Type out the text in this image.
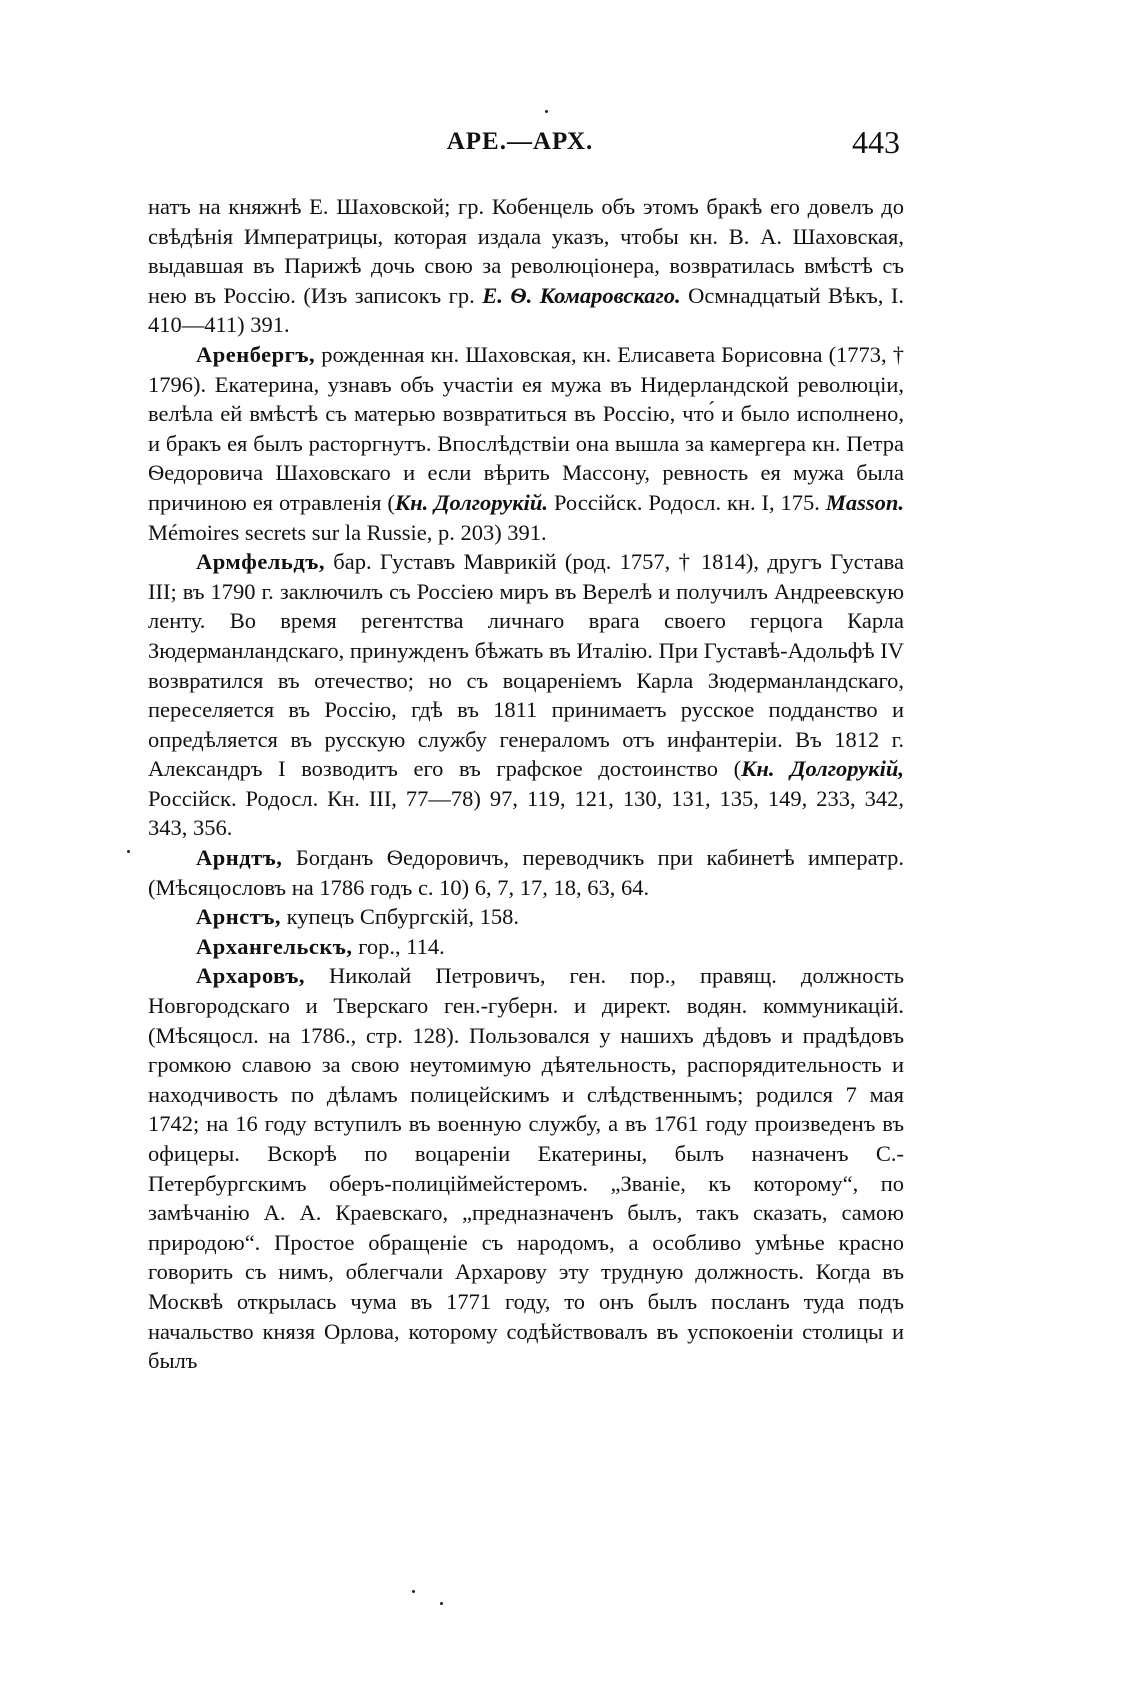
АРЕ.—АРХ.	443

натъ на княжнѣ Е. Шаховской; гр. Кобенцель объ этомъ бракѣ его довелъ до свѣдѣнія Императрицы, которая издала указъ, чтобы кн. В. А. Шаховская, выдавшая въ Парижѣ дочь свою за революціонера, возвратилась вмѣстѣ съ нею въ Россію. (Изъ записокъ гр. Е. Ѳ. Комаровскаго. Осмнадцатый Вѣкъ, I. 410—411) 391.

Аренбергъ, рожденная кн. Шаховская, кн. Елисавета Борисовна (1773, † 1796). Екатерина, узнавъ объ участіи ея мужа въ Нидерландской революціи, велѣла ей вмѣстѣ съ матерью возвратиться въ Россію, что́ и было исполнено, и бракъ ея былъ расторгнутъ. Впослѣдствіи она вышла за камергера кн. Петра Ѳедоровича Шаховскаго и если вѣрить Массону, ревность ея мужа была причиною ея отравленія (Кн. Долгорукій. Россійск. Родосл. кн. I, 175. Masson. Mémoires secrets sur la Russie, p. 203) 391.

Армфельдъ, бар. Густавъ Маврикій (род. 1757, † 1814), другъ Густава III; въ 1790 г. заключилъ съ Россіею миръ въ Верелѣ и получилъ Андреевскую ленту. Во время регентства личнаго врага своего герцога Карла Зюдерманландскаго, принужденъ бѣжать въ Италію. При Густавѣ-Адольфѣ IV возвратился въ отечество; но съ воцареніемъ Карла Зюдерманландскаго, переселяется въ Россію, гдѣ въ 1811 принимаетъ русское подданство и опредѣляется въ русскую службу генераломъ отъ инфантеріи. Въ 1812 г. Александръ I возводитъ его въ графское достоинство (Кн. Долгорукій, Россійск. Родосл. Кн. III, 77—78) 97, 119, 121, 130, 131, 135, 149, 233, 342, 343, 356.

Арндтъ, Богданъ Ѳедоровичъ, переводчикъ при кабинетѣ императр. (Мѣсяцословъ на 1786 годъ с. 10) 6, 7, 17, 18, 63, 64.

Арнстъ, купецъ Спбургскій, 158.

Архангельскъ, гор., 114.

Архаровъ, Николай Петровичъ, ген. пор., правящ. должность Новгородскаго и Тверскаго ген.-губерн. и директ. водян. коммуникацій. (Мѣсяцосл. на 1786., стр. 128). Пользовался у нашихъ дѣдовъ и прадѣдовъ громкою славою за свою неутомимую дѣятельность, распорядительность и находчивость по дѣламъ полицейскимъ и слѣдственнымъ; родился 7 мая 1742; на 16 году вступилъ въ военную службу, а въ 1761 году произведенъ въ офицеры. Вскорѣ по воцареніи Екатерины, былъ назначенъ С.-Петербургскимъ оберъ-полиціймейстеромъ. „Званіе, къ которому“, по замѣчанію А. А. Краевскаго, „предназначенъ былъ, такъ сказать, самою природою“. Простое обращеніе съ народомъ, а особливо умѣнье красно говорить съ нимъ, облегчали Архарову эту трудную должность. Когда въ Москвѣ открылась чума въ 1771 году, то онъ былъ посланъ туда подъ начальство князя Орлова, которому содѣйствовалъ въ успокоеніи столицы и былъ
